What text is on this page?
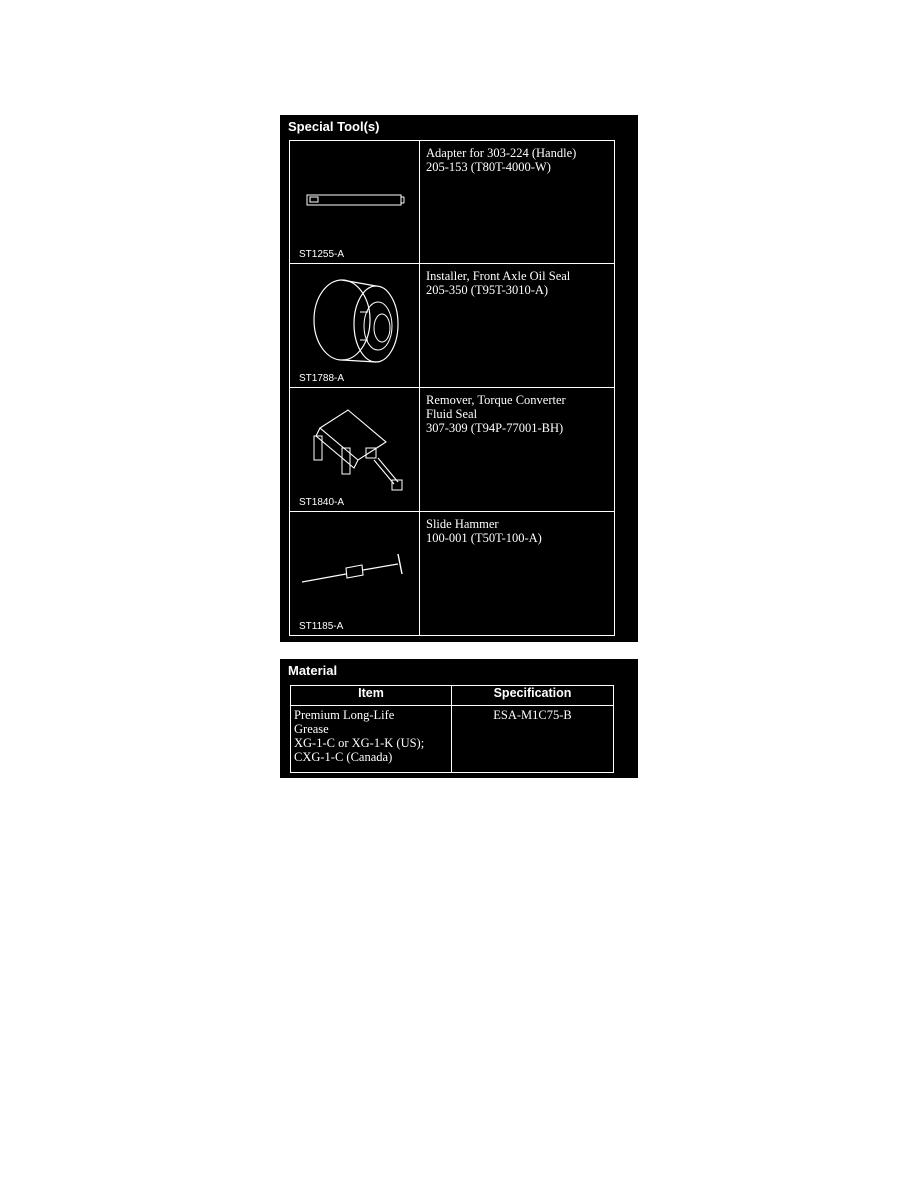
Special Tool(s)
ST1255-A
Adapter for 303-224 (Handle)
205-153 (T80T-4000-W)
ST1788-A
Installer, Front Axle Oil Seal
205-350 (T95T-3010-A)
ST1840-A
Remover, Torque Converter
Fluid Seal
307-309 (T94P-77001-BH)
ST1185-A
Slide Hammer
100-001 (T50T-100-A)
Material
Item	Specification

Premium Long-Life
Grease
XG-1-C or XG-1-K (US);
CXG-1-C (Canada)	ESA-M1C75-B
